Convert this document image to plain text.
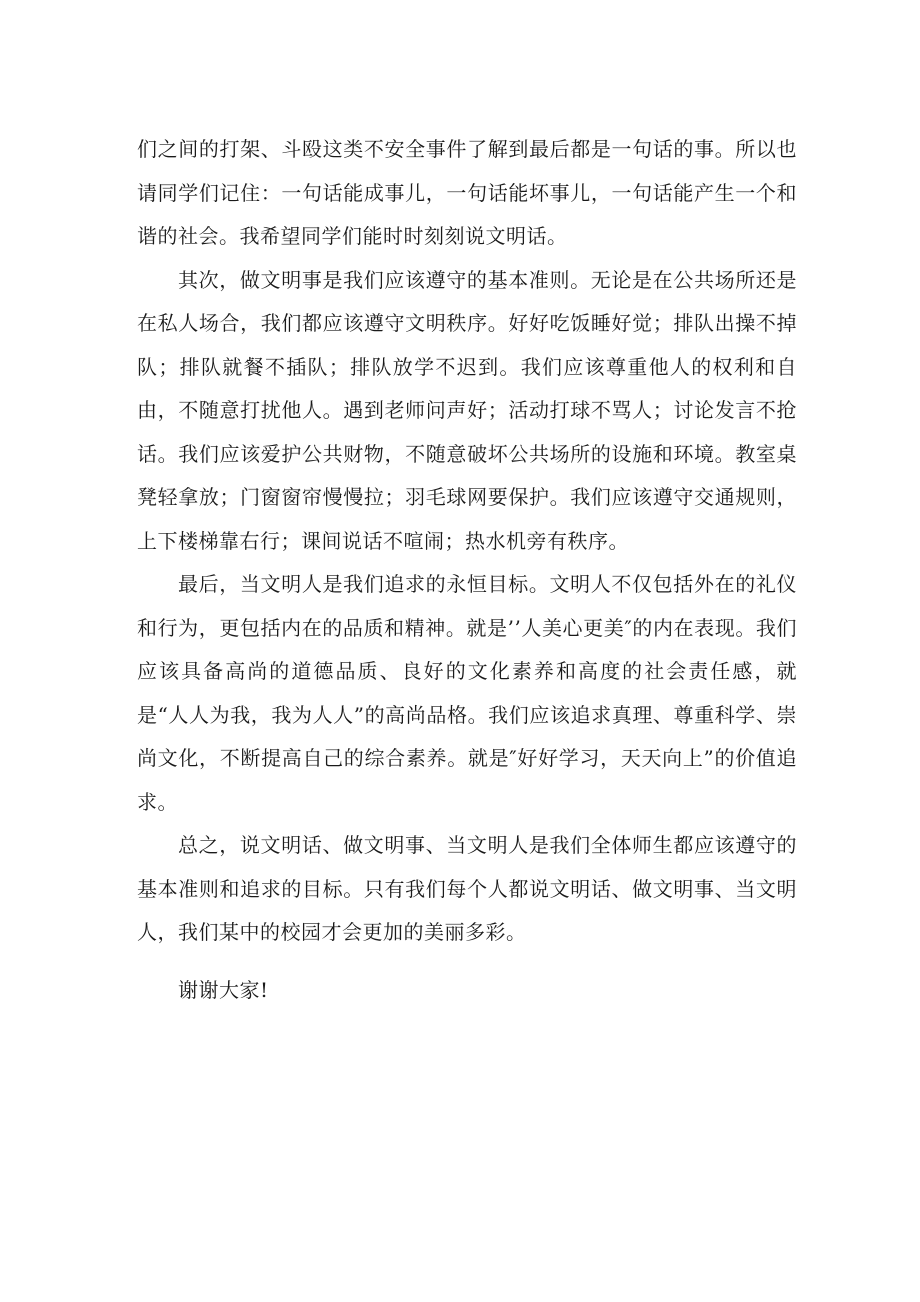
们之间的打架、斗殴这类不安全事件了解到最后都是一句话的事。所以也请同学们记住：一句话能成事儿，一句话能坏事儿，一句话能产生一个和谐的社会。我希望同学们能时时刻刻说文明话。

其次，做文明事是我们应该遵守的基本准则。无论是在公共场所还是在私人场合，我们都应该遵守文明秩序。好好吃饭睡好觉；排队出操不掉队；排队就餐不插队；排队放学不迟到。我们应该尊重他人的权利和自由，不随意打扰他人。遇到老师问声好；活动打球不骂人；讨论发言不抢话。我们应该爱护公共财物，不随意破坏公共场所的设施和环境。教室桌凳轻拿放；门窗窗帘慢慢拉；羽毛球网要保护。我们应该遵守交通规则，上下楼梯靠右行；课间说话不喧闹；热水机旁有秩序。

最后，当文明人是我们追求的永恒目标。文明人不仅包括外在的礼仪和行为，更包括内在的品质和精神。就是’’人美心更美″的内在表现。我们应该具备高尚的道德品质、良好的文化素养和高度的社会责任感，就是“人人为我，我为人人”的高尚品格。我们应该追求真理、尊重科学、崇尚文化，不断提高自己的综合素养。就是″好好学习，天天向上”的价值追求。

总之，说文明话、做文明事、当文明人是我们全体师生都应该遵守的基本准则和追求的目标。只有我们每个人都说文明话、做文明事、当文明人，我们某中的校园才会更加的美丽多彩。

谢谢大家!
